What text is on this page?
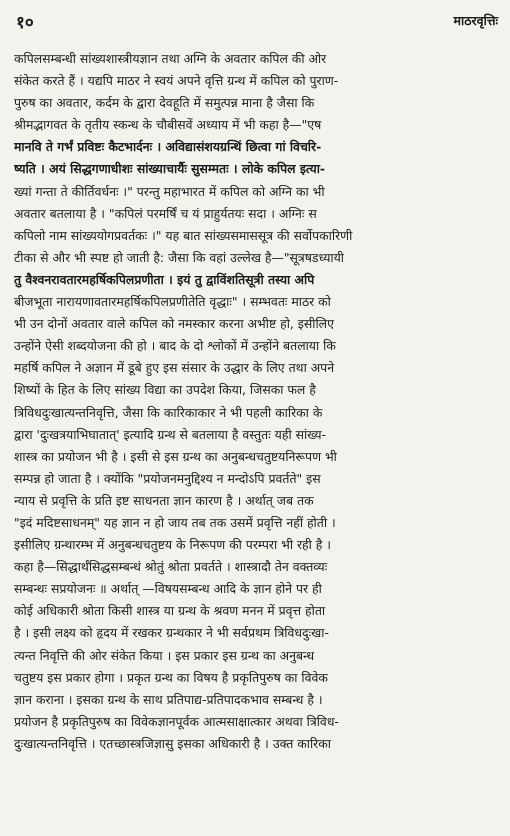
१०	माठरवृत्तिः
कपिलसम्बन्धी सांख्यशास्त्रीयज्ञान तथा अग्नि के अवतार कपिल की ओर
संकेत करते हैं । यद्यपि माठर ने स्वयं अपने वृत्ति ग्रन्थ में कपिल को पुराण-
पुरुष का अवतार, कर्दम के द्वारा देवहूति में समुत्पन्न माना है जैसा कि
श्रीमद्भागवत के तृतीय स्कन्ध के चौबीसवें अध्याय में भी कहा है—"एष
मानवि ते गर्भं प्रविष्टः कैटभार्दनः । अविद्यासंशयग्रन्थिं छित्वा गां विचरि-
ष्यति । अयं सिद्धगणाधीशः सांख्याचार्यैः सुसम्मतः । लोके कपिल इत्या-
ख्यां गन्ता ते कीर्तिवर्धनः ।" परन्तु महाभारत में कपिल को अग्नि का भी
अवतार बतलाया है । "कपिलं परमर्षिं च यं प्राहुर्यतयः सदा । अग्निः स
कपिलो नाम सांख्ययोगप्रवर्तकः ।" यह बात सांख्यसमाससूत्र की सर्वोपकारिणी
टीका से और भी स्पष्ट हो जाती है: जैसा कि वहां उल्लेख है—"सूत्रषडध्यायी
तु वैश्वनरावतारमहर्षिकपिलप्रणीता । इयं तु द्वाविंशतिसूत्री तस्या अपि
बीजभूता नारायणावतारमहर्षिकपिलप्रणीतेति वृद्धाः" । सम्भवतः माठर को
भी उन दोनों अवतार वाले कपिल को नमस्कार करना अभीष्ट हो, इसीलिए
उन्होंने ऐसी शब्दयोजना की हो । बाद के दो श्लोकों में उन्होंने बतलाया कि
महर्षि कपिल ने अज्ञान में डूबे हुए इस संसार के उद्धार के लिए तथा अपने
शिष्यों के हित के लिए सांख्य विद्या का उपदेश किया, जिसका फल है
त्रिविधदुःखात्यन्तनिवृत्ति, जैसा कि कारिकाकार ने भी पहली कारिका के
द्वारा 'दुःखत्रयाभिघातात्' इत्यादि ग्रन्थ से बतलाया है वस्तुतः यही सांख्य-
शास्त्र का प्रयोजन भी है । इसी से इस ग्रन्थ का अनुबन्धचतुष्टयनिरूपण भी
सम्पन्न हो जाता है । क्योंकि "प्रयोजनमनुद्दिश्य न मन्दोऽपि प्रवर्तते" इस
न्याय से प्रवृत्ति के प्रति इष्ट साधनता ज्ञान कारण है । अर्थात् जब तक
"इदं मदिष्टसाधनम्" यह ज्ञान न हो जाय तब तक उसमें प्रवृत्ति नहीं होती ।
इसीलिए ग्रन्थारम्भ में अनुबन्धचतुष्टय के निरूपण की परम्परा भी रही है ।
कहा है—सिद्धार्थंसिद्धसम्बन्धं श्रोतुं श्रोता प्रवर्तते । शास्त्रादौ तेन वक्तव्यः
सम्बन्धः सप्रयोजनः ॥ अर्थात् —विषयसम्बन्ध आदि के ज्ञान होने पर ही
कोई अधिकारी श्रोता किसी शास्त्र या ग्रन्थ के श्रवण मनन में प्रवृत्त होता
है । इसी लक्ष्य को हृदय में रखकर ग्रन्थकार ने भी सर्वप्रथम त्रिविधदुःखा-
त्यन्त निवृत्ति की ओर संकेत किया । इस प्रकार इस ग्रन्थ का अनुबन्ध
चतुष्टय इस प्रकार होगा । प्रकृत ग्रन्थ का विषय है प्रकृतिपुरुष का विवेक
ज्ञान कराना । इसका ग्रन्थ के साथ प्रतिपाद्य-प्रतिपादकभाव सम्बन्ध है ।
प्रयोजन है प्रकृतिपुरुष का विवेकज्ञानपूर्वक आत्मसाक्षात्कार अथवा त्रिविध-
दुःखात्यन्तनिवृत्ति । एतच्छास्त्रजिज्ञासु इसका अधिकारी है । उक्त कारिका
